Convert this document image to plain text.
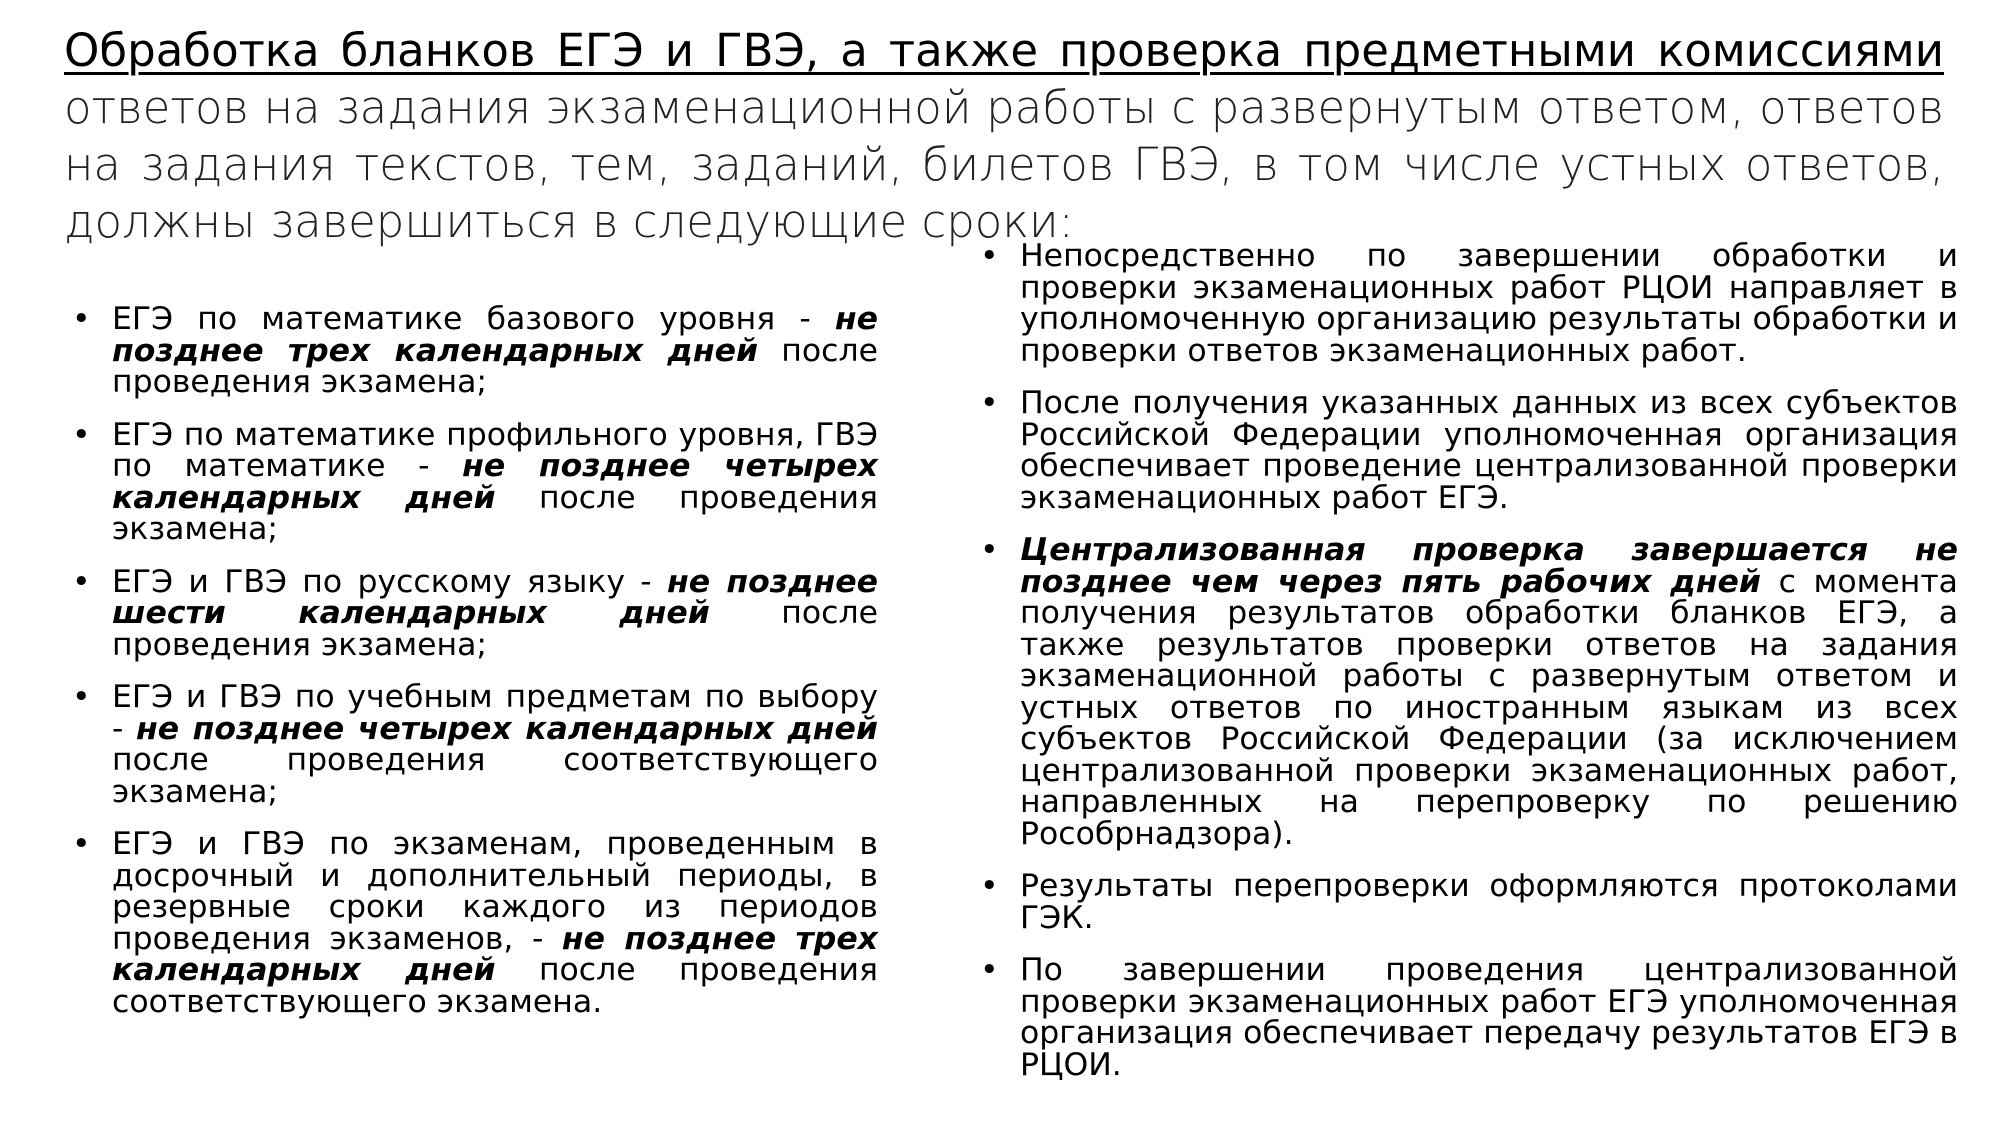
Обработка бланков ЕГЭ и ГВЭ, а также проверка предметными комиссиями ответов на задания экзаменационной работы с развернутым ответом, ответов на задания текстов, тем, заданий, билетов ГВЭ, в том числе устных ответов, должны завершиться в следующие сроки:
• ЕГЭ по математике базового уровня - не позднее трех календарных дней после проведения экзамена;
• ЕГЭ по математике профильного уровня, ГВЭ по математике - не позднее четырех календарных дней после проведения экзамена;
• ЕГЭ и ГВЭ по русскому языку - не позднее шести календарных дней после проведения экзамена;
• ЕГЭ и ГВЭ по учебным предметам по выбору - не позднее четырех календарных дней после проведения соответствующего экзамена;
• ЕГЭ и ГВЭ по экзаменам, проведенным в досрочный и дополнительный периоды, в резервные сроки каждого из периодов проведения экзаменов, - не позднее трех календарных дней после проведения соответствующего экзамена.
• Непосредственно по завершении обработки и проверки экзаменационных работ РЦОИ направляет в уполномоченную организацию результаты обработки и проверки ответов экзаменационных работ.
• После получения указанных данных из всех субъектов Российской Федерации уполномоченная организация обеспечивает проведение централизованной проверки экзаменационных работ ЕГЭ.
• Централизованная проверка завершается не позднее чем через пять рабочих дней с момента получения результатов обработки бланков ЕГЭ, а также результатов проверки ответов на задания экзаменационной работы с развернутым ответом и устных ответов по иностранным языкам из всех субъектов Российской Федерации (за исключением централизованной проверки экзаменационных работ, направленных на перепроверку по решению Рособрнадзора).
• Результаты перепроверки оформляются протоколами ГЭК.
• По завершении проведения централизованной проверки экзаменационных работ ЕГЭ уполномоченная организация обеспечивает передачу результатов ЕГЭ в РЦОИ.
